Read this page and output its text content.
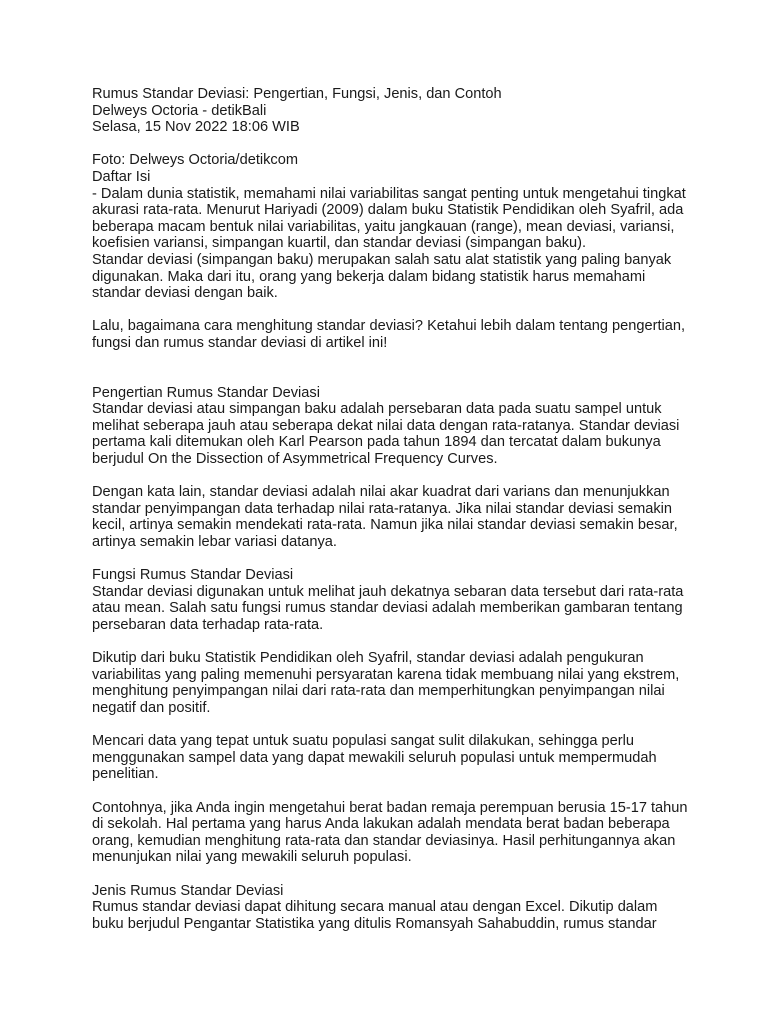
Rumus Standar Deviasi: Pengertian, Fungsi, Jenis, dan Contoh
Delweys Octoria - detikBali
Selasa, 15 Nov 2022 18:06 WIB
Foto: Delweys Octoria/detikcom
Daftar Isi
- Dalam dunia statistik, memahami nilai variabilitas sangat penting untuk mengetahui tingkat
akurasi rata-rata. Menurut Hariyadi (2009) dalam buku Statistik Pendidikan oleh Syafril, ada
beberapa macam bentuk nilai variabilitas, yaitu jangkauan (range), mean deviasi, variansi,
koefisien variansi, simpangan kuartil, dan standar deviasi (simpangan baku).
Standar deviasi (simpangan baku) merupakan salah satu alat statistik yang paling banyak
digunakan. Maka dari itu, orang yang bekerja dalam bidang statistik harus memahami
standar deviasi dengan baik.
Lalu, bagaimana cara menghitung standar deviasi? Ketahui lebih dalam tentang pengertian,
fungsi dan rumus standar deviasi di artikel ini!
Pengertian Rumus Standar Deviasi
Standar deviasi atau simpangan baku adalah persebaran data pada suatu sampel untuk
melihat seberapa jauh atau seberapa dekat nilai data dengan rata-ratanya. Standar deviasi
pertama kali ditemukan oleh Karl Pearson pada tahun 1894 dan tercatat dalam bukunya
berjudul On the Dissection of Asymmetrical Frequency Curves.
Dengan kata lain, standar deviasi adalah nilai akar kuadrat dari varians dan menunjukkan
standar penyimpangan data terhadap nilai rata-ratanya. Jika nilai standar deviasi semakin
kecil, artinya semakin mendekati rata-rata. Namun jika nilai standar deviasi semakin besar,
artinya semakin lebar variasi datanya.
Fungsi Rumus Standar Deviasi
Standar deviasi digunakan untuk melihat jauh dekatnya sebaran data tersebut dari rata-rata
atau mean. Salah satu fungsi rumus standar deviasi adalah memberikan gambaran tentang
persebaran data terhadap rata-rata.
Dikutip dari buku Statistik Pendidikan oleh Syafril, standar deviasi adalah pengukuran
variabilitas yang paling memenuhi persyaratan karena tidak membuang nilai yang ekstrem,
menghitung penyimpangan nilai dari rata-rata dan memperhitungkan penyimpangan nilai
negatif dan positif.
Mencari data yang tepat untuk suatu populasi sangat sulit dilakukan, sehingga perlu
menggunakan sampel data yang dapat mewakili seluruh populasi untuk mempermudah
penelitian.
Contohnya, jika Anda ingin mengetahui berat badan remaja perempuan berusia 15-17 tahun
di sekolah. Hal pertama yang harus Anda lakukan adalah mendata berat badan beberapa
orang, kemudian menghitung rata-rata dan standar deviasinya. Hasil perhitungannya akan
menunjukan nilai yang mewakili seluruh populasi.
Jenis Rumus Standar Deviasi
Rumus standar deviasi dapat dihitung secara manual atau dengan Excel. Dikutip dalam
buku berjudul Pengantar Statistika yang ditulis Romansyah Sahabuddin, rumus standar
